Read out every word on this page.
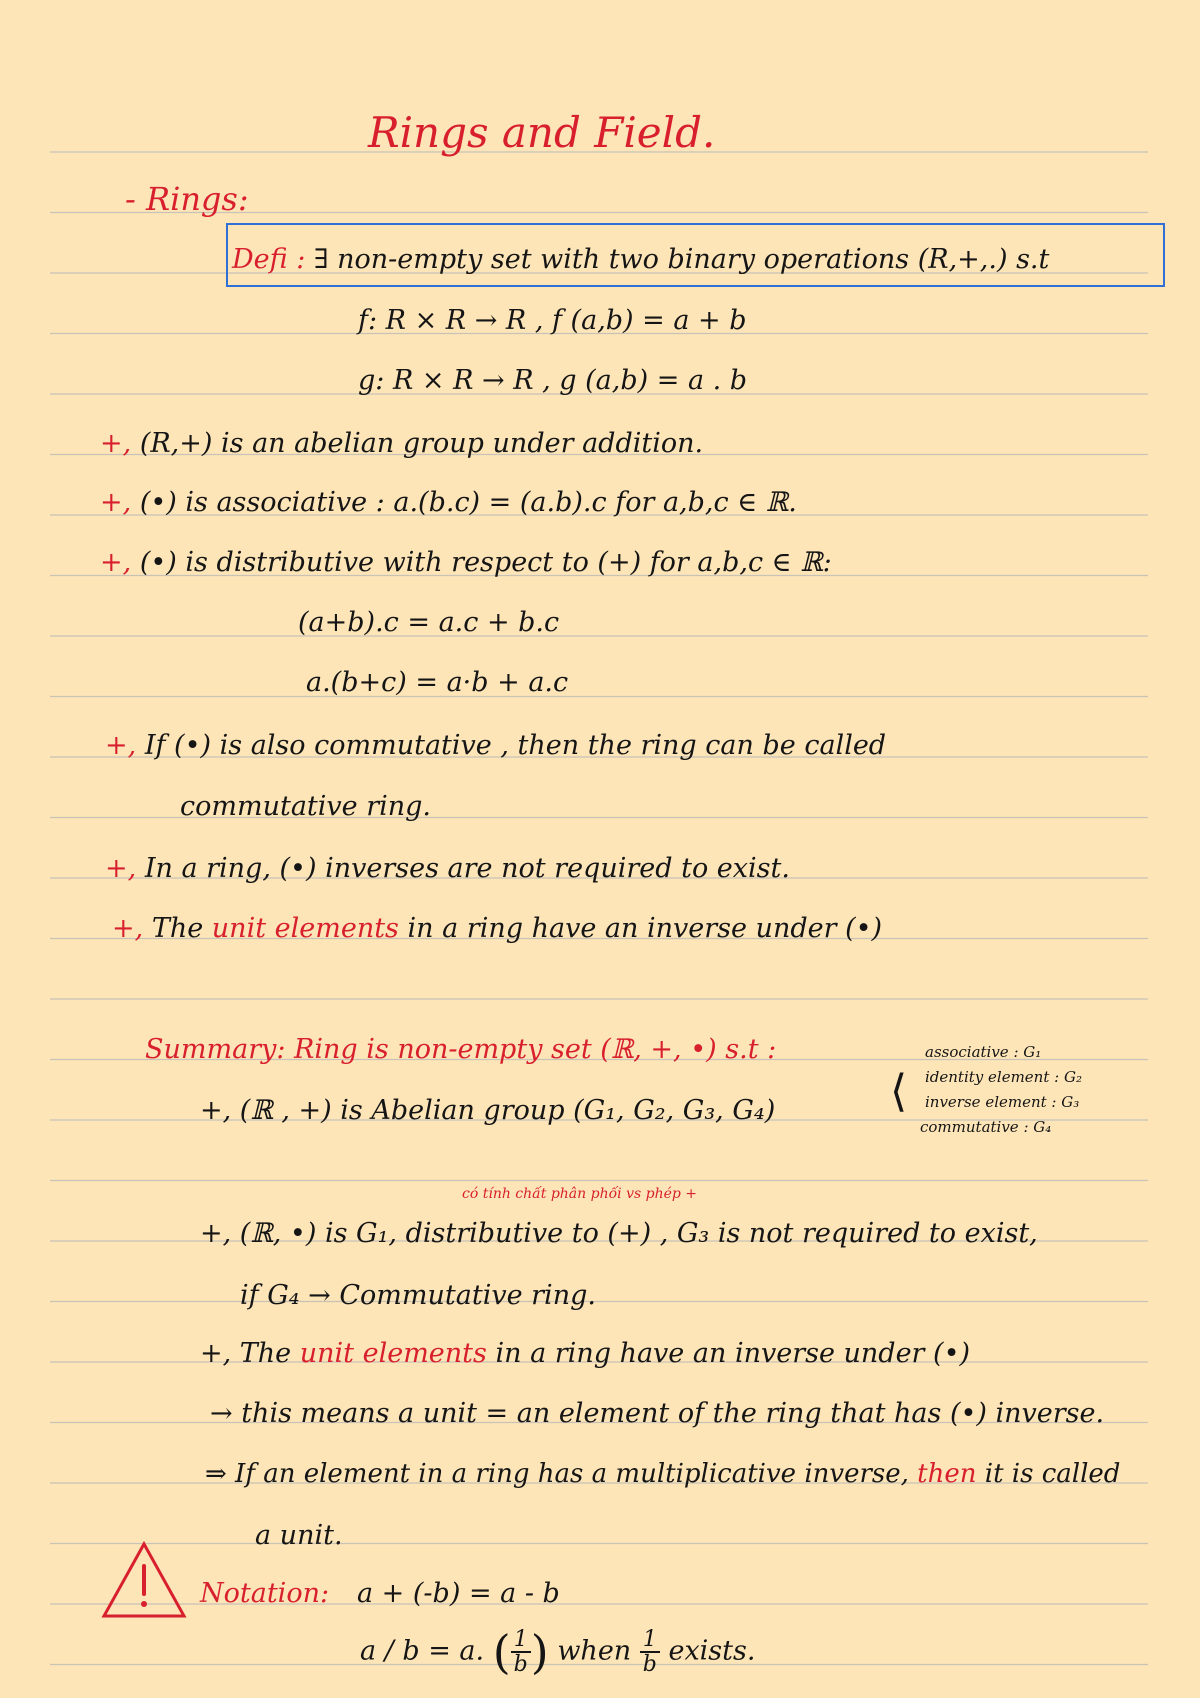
Rings and Field.
- Rings:
Defi : ∃ non-empty set with two binary operations (R,+,.) s.t
f: R × R → R , f (a,b) = a + b
g: R × R → R , g (a,b) = a . b
+, (R,+) is an abelian group under addition.
+, (•) is associative : a.(b.c) = (a.b).c for a,b,c ∈ ℝ.
+, (•) is distributive with respect to (+) for a,b,c ∈ ℝ:
(a+b).c = a.c + b.c
a.(b+c) = a·b + a.c
+, If (•) is also commutative , then the ring can be called
commutative ring.
+, In a ring, (•) inverses are not required to exist.
+, The unit elements in a ring have an inverse under (•)
Summary: Ring is non-empty set (ℝ, +, •) s.t :	associative : G₁
identity element : G₂
inverse element : G₃
commutative : G₄
+, (ℝ , +) is Abelian group (G₁, G₂, G₃, G₄)	⟨
có tính chất phân phối vs phép +
+, (ℝ, •) is G₁, distributive to (+) , G₃ is not required to exist,
if G₄ → Commutative ring.
+, The unit elements in a ring have an inverse under (•)
→ this means a unit = an element of the ring that has (•) inverse.
⇒ If an element in a ring has a multiplicative inverse, then it is called
a unit.
Notation: a + (-b) = a - b
a / b = a. ( $\frac{1}{b}$ ) when $\frac{1}{b}$ exists.
